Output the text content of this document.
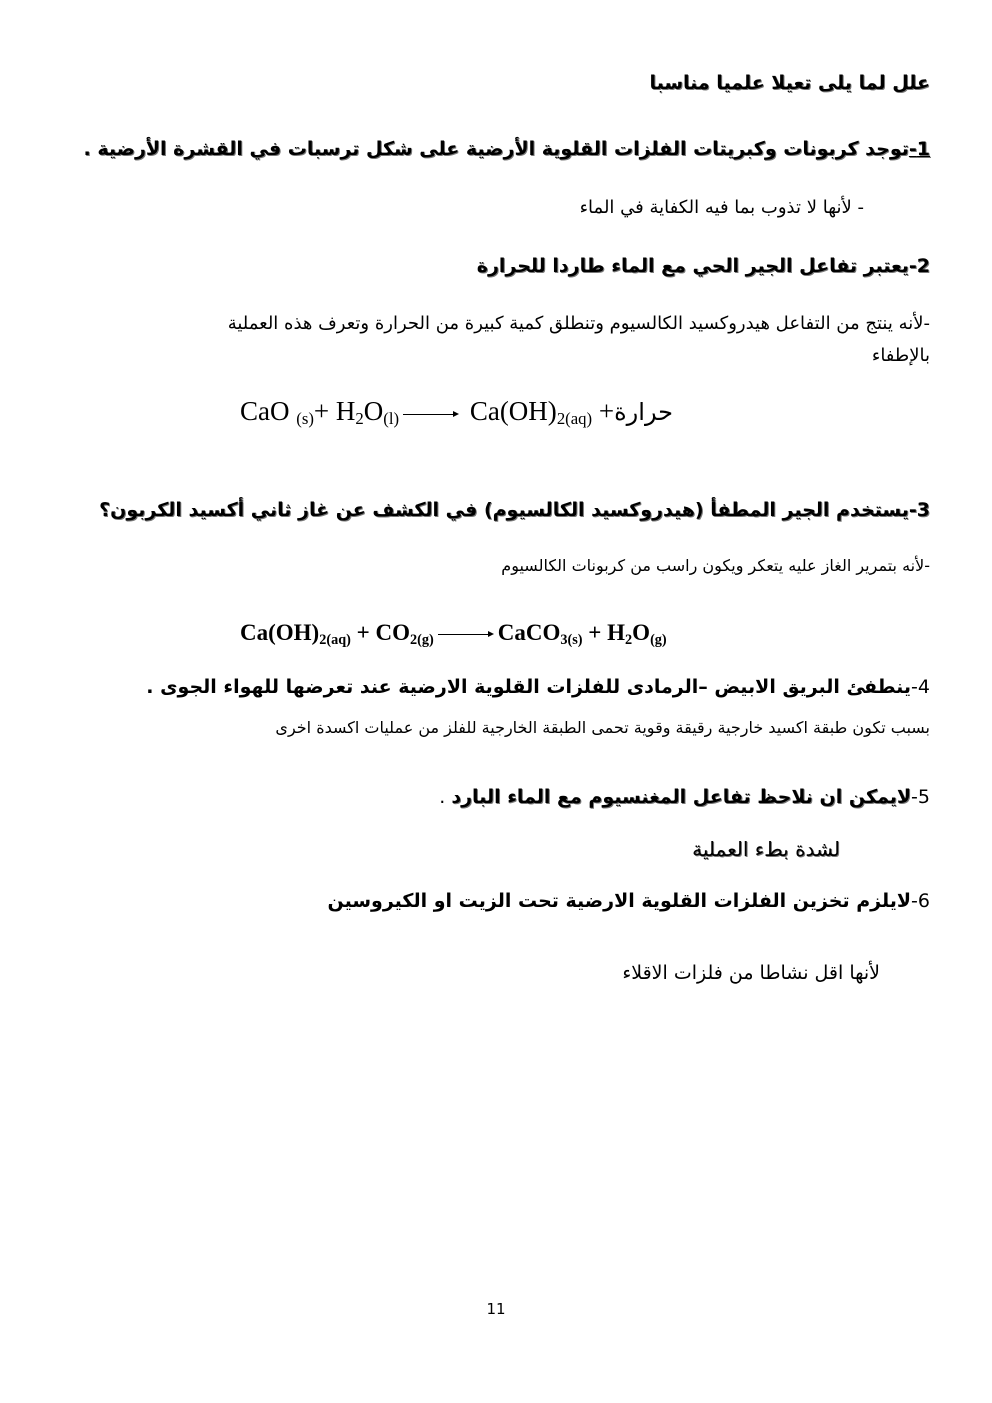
علل لما يلى تعيلا علميا مناسبا
1-توجد كربونات وكبريتات الفلزات القلوية الأرضية على شكل ترسبات في القشرة الأرضية .
- لأنها لا تذوب بما فيه الكفاية في الماء
2-يعتبر تفاعل الجير الحي مع الماء طاردا للحرارة
-لأنه ينتج من التفاعل هيدروكسيد الكالسيوم وتنطلق كمية كبيرة من الحرارة وتعرف هذه العملية
بالإطفاء
CaO $_{(s)}+ H_2O_{(l)}$	$Ca(OH)_{2(aq)}$ +حرارة
3-يستخدم الجير المطفأ (هيدروكسيد الكالسيوم) في الكشف عن غاز ثاني أكسيد الكربون؟
-لأنه بتمرير الغاز عليه يتعكر ويكون راسب من كربونات الكالسيوم
$Ca(OH)_{2(aq)} + CO_{2(g)}$	CaCO$_{3(s)}$ + $H_2O_{(g)}$
4-ينطفئ البريق الابيض –الرمادى للفلزات القلوية الارضية عند تعرضها للهواء الجوى .
بسبب تكون طبقة اكسيد خارجية رقيقة وقوية تحمى الطبقة الخارجية للفلز من عمليات اكسدة اخرى
5-لايمكن ان نلاحظ تفاعل المغنسيوم مع الماء البارد .
لشدة بطء العملية
6-لايلزم تخزين الفلزات القلوية الارضية تحت الزيت او الكيروسين
لأنها اقل نشاطا من فلزات الاقلاء
11
